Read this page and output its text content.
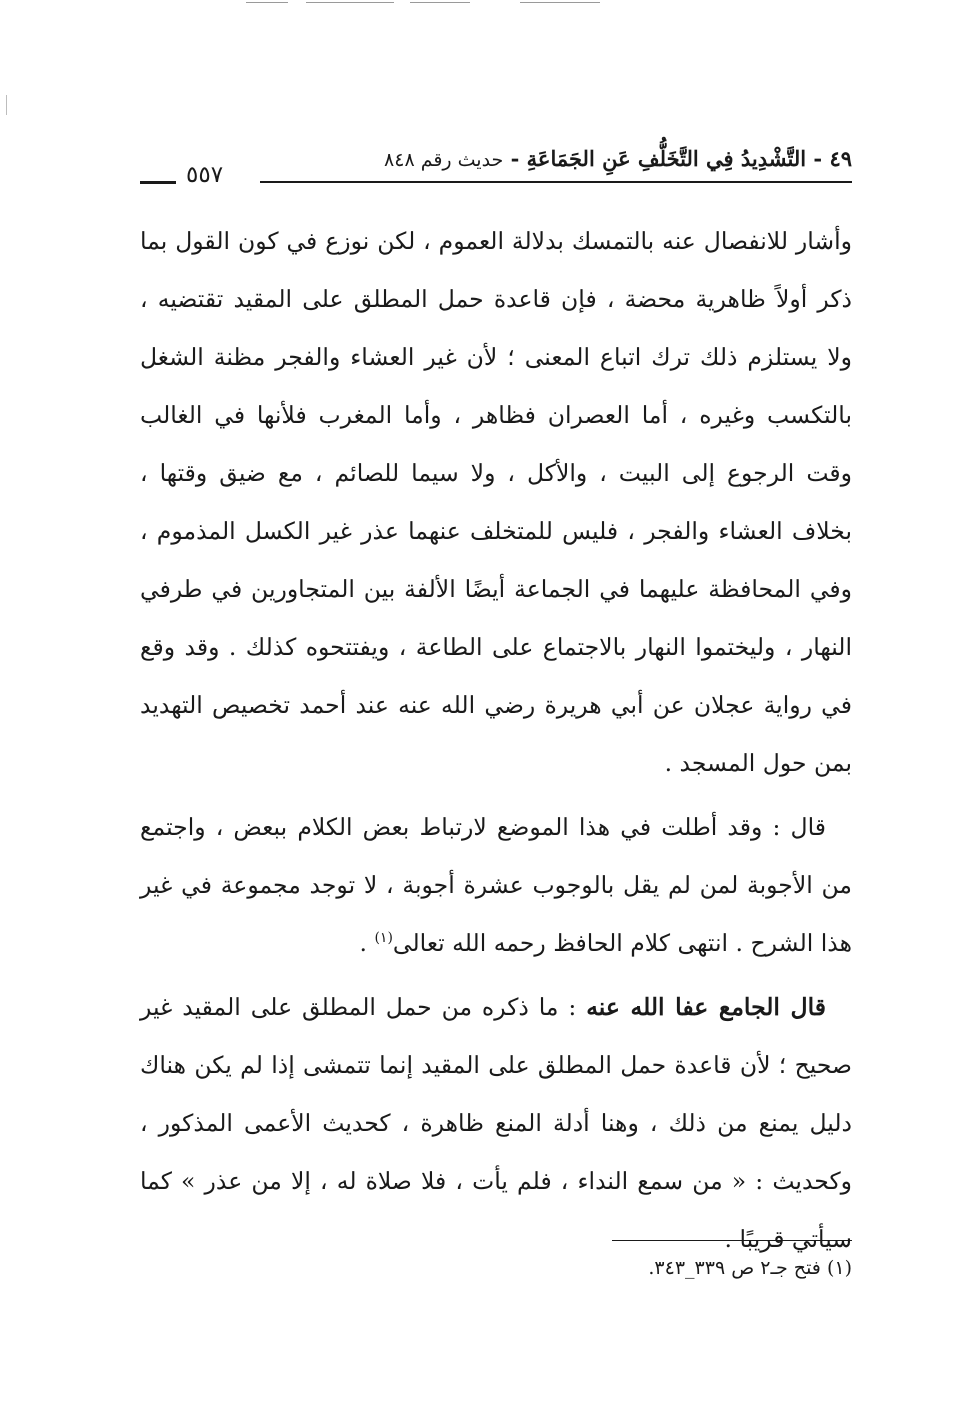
٤٩ - التَّشْدِيدُ فِي التَّخَلُّفِ عَنِ الجَمَاعَةِ - حديث رقم ٨٤٨
٥٥٧

وأشار للانفصال عنه بالتمسك بدلالة العموم ، لكن نوزع في كون القول بما ذكر أولاً ظاهرية محضة ، فإن قاعدة حمل المطلق على المقيد تقتضيه ، ولا يستلزم ذلك ترك اتباع المعنى ؛ لأن غير العشاء والفجر مظنة الشغل بالتكسب وغيره ، أما العصران فظاهر ، وأما المغرب فلأنها في الغالب وقت الرجوع إلى البيت ، والأكل ، ولا سيما للصائم ، مع ضيق وقتها ، بخلاف العشاء والفجر ، فليس للمتخلف عنهما عذر غير الكسل المذموم ، وفي المحافظة عليهما في الجماعة أيضًا الألفة بين المتجاورين في طرفي النهار ، وليختموا النهار بالاجتماع على الطاعة ، ويفتتحوه كذلك . وقد وقع في رواية عجلان عن أبي هريرة رضي الله عنه عند أحمد تخصيص التهديد بمن حول المسجد .

قال : وقد أطلت في هذا الموضع لارتباط بعض الكلام ببعض ، واجتمع من الأجوبة لمن لم يقل بالوجوب عشرة أجوبة ، لا توجد مجموعة في غير هذا الشرح . انتهى كلام الحافظ رحمه الله تعالى$^{(١)}$ .

قال الجامع عفا الله عنه : ما ذكره من حمل المطلق على المقيد غير صحيح ؛ لأن قاعدة حمل المطلق على المقيد إنما تتمشى إذا لم يكن هناك دليل يمنع من ذلك ، وهنا أدلة المنع ظاهرة ، كحديث الأعمى المذكور ، وكحديث : « من سمع النداء ، فلم يأت ، فلا صلاة له ، إلا من عذر » كما سيأتي قريبًا .

(١) فتح جـ٢ ص ٣٣٩_٣٤٣.
